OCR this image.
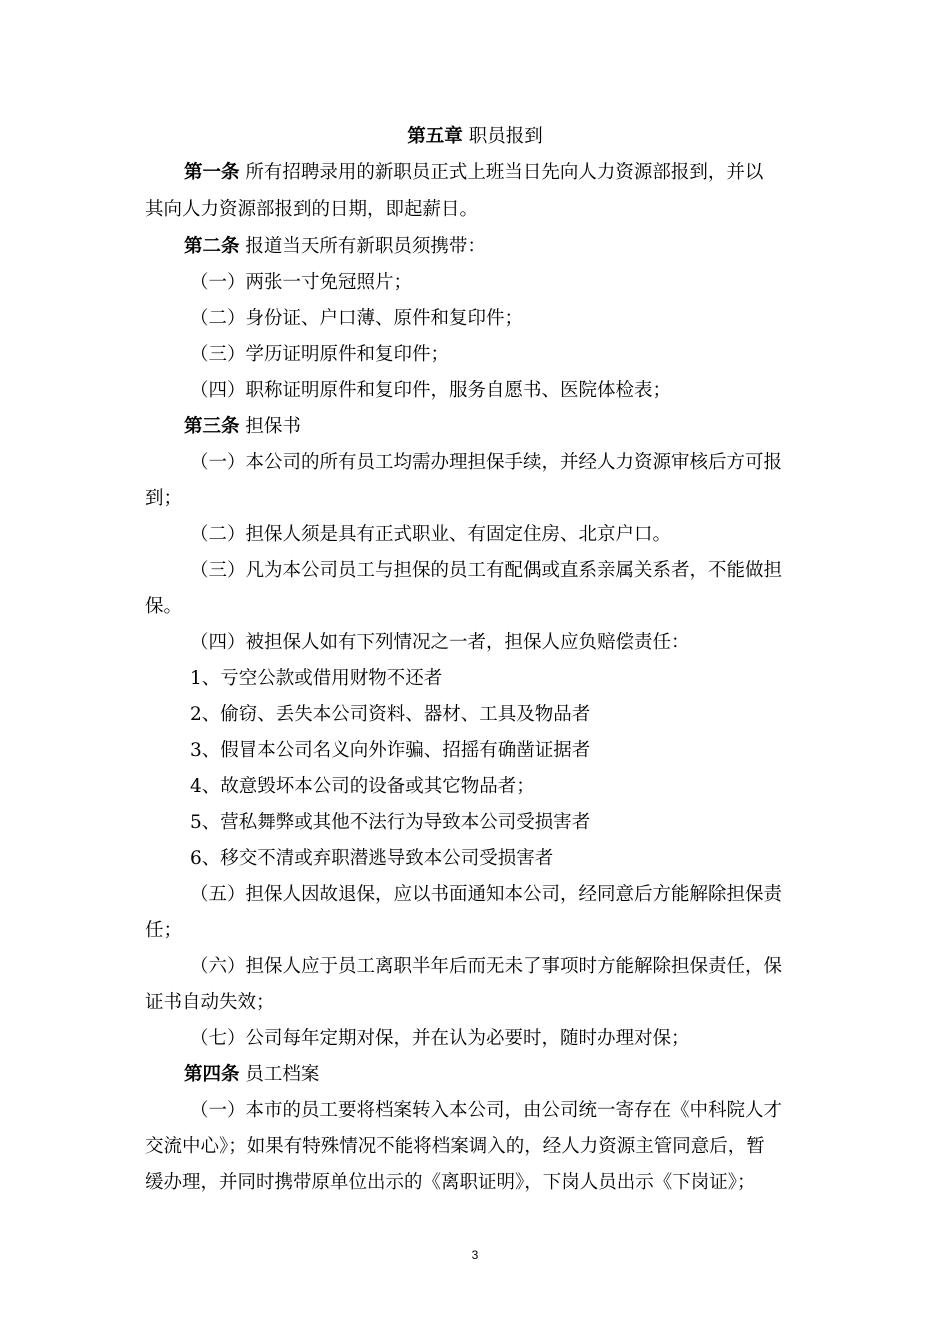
第五章 职员报到
第一条 所有招聘录用的新职员正式上班当日先向人力资源部报到，并以
其向人力资源部报到的日期，即起薪日。
第二条 报道当天所有新职员须携带：
（一）两张一寸免冠照片；
（二）身份证、户口薄、原件和复印件；
（三）学历证明原件和复印件；
（四）职称证明原件和复印件，服务自愿书、医院体检表；
第三条 担保书
（一）本公司的所有员工均需办理担保手续，并经人力资源审核后方可报
到；
（二）担保人须是具有正式职业、有固定住房、北京户口。
（三）凡为本公司员工与担保的员工有配偶或直系亲属关系者，不能做担
保。
（四）被担保人如有下列情况之一者，担保人应负赔偿责任：
1、亏空公款或借用财物不还者
2、偷窃、丢失本公司资料、器材、工具及物品者
3、假冒本公司名义向外诈骗、招摇有确凿证据者
4、故意毁坏本公司的设备或其它物品者；
5、营私舞弊或其他不法行为导致本公司受损害者
6、移交不清或弃职潜逃导致本公司受损害者
（五）担保人因故退保，应以书面通知本公司，经同意后方能解除担保责
任；
（六）担保人应于员工离职半年后而无未了事项时方能解除担保责任，保
证书自动失效；
（七）公司每年定期对保，并在认为必要时，随时办理对保；
第四条 员工档案
（一）本市的员工要将档案转入本公司，由公司统一寄存在《中科院人才
交流中心》；如果有特殊情况不能将档案调入的，经人力资源主管同意后，暂
缓办理，并同时携带原单位出示的《离职证明》，下岗人员出示《下岗证》；
3
